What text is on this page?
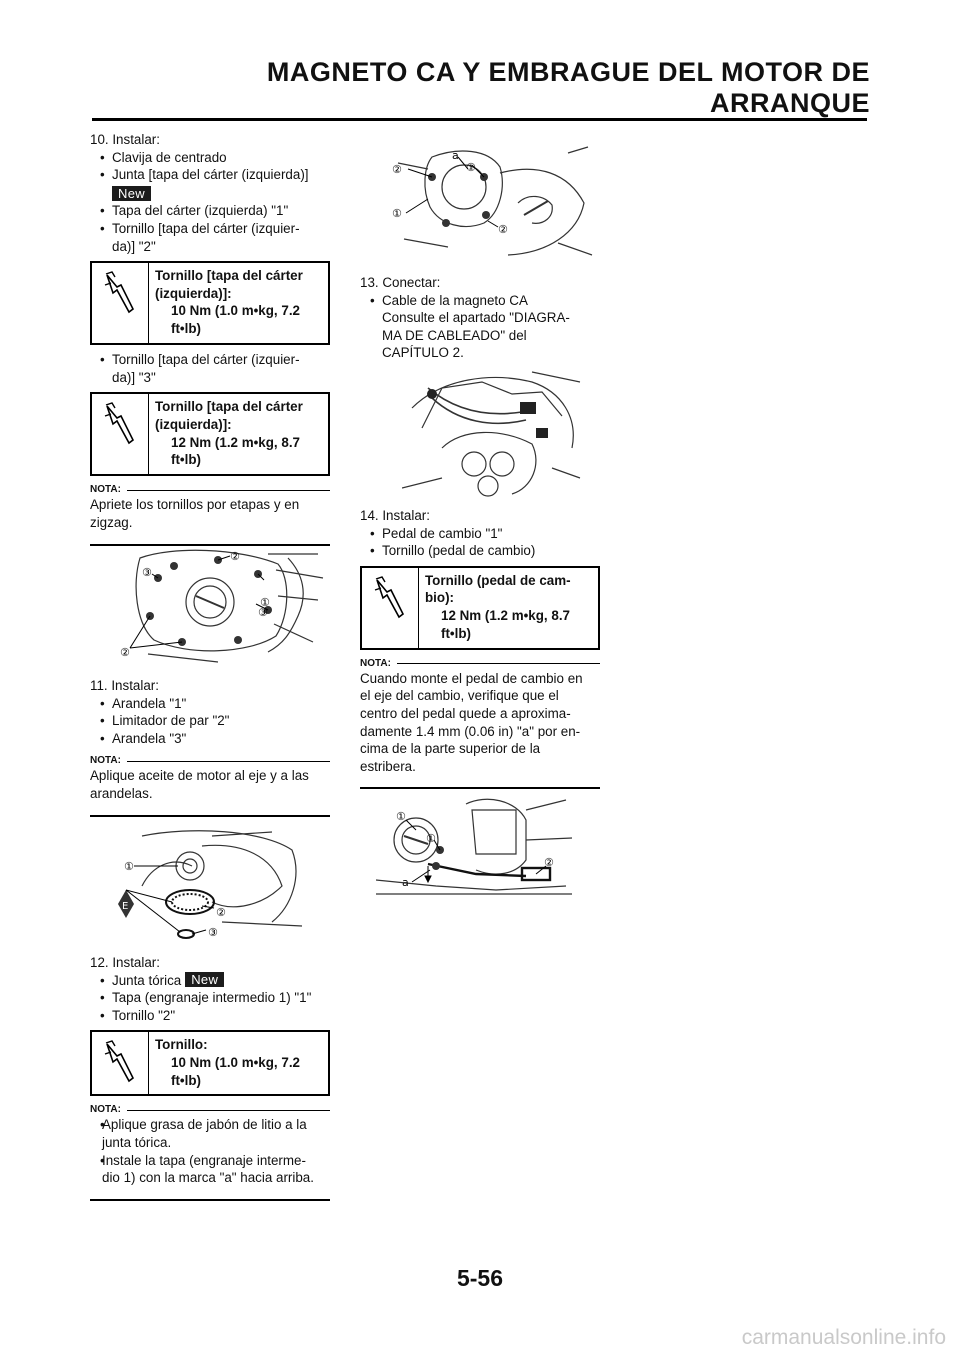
MAGNETO CA Y EMBRAGUE DEL MOTOR DE ARRANQUE

10. Instalar:

• Clavija de centrado

• Junta [tapa del cárter (izquierda)]

New

• Tapa del cárter (izquierda) "1"

• Tornillo [tapa del cárter (izquier-
da)] "2"

Tornillo [tapa del cárter
(izquierda)]:
10 Nm (1.0 m•kg, 7.2
ft•lb)

• Tornillo [tapa del cárter (izquier-
da)] "3"

Tornillo [tapa del cárter
(izquierda)]:
12 Nm (1.2 m•kg, 8.7
ft•lb)
NOTA:

Apriete los tornillos por etapas y en
zigzag.

③
②
①
③
②

11. Instalar:

• Arandela "1"

• Limitador de par "2"

• Arandela "3"

NOTA:

Aplique aceite de motor al eje y a las
arandelas.

E
①
②
③

12. Instalar:

• Junta tórica New

• Tapa (engranaje intermedio 1) "1"

• Tornillo "2"

Tornillo:
10 Nm (1.0 m•kg, 7.2
ft•lb)
NOTA:

• Aplique grasa de jabón de litio a la
junta tórica.

• Instale la tapa (engranaje interme-
dio 1) con la marca "a" hacia arriba.

②
①
a
①
②

13. Conectar:

• Cable de la magneto CA

Consulte el apartado "DIAGRA-
MA DE CABLEADO" del
CAPÍTULO 2.

14. Instalar:

• Pedal de cambio "1"

• Tornillo (pedal de cambio)

Tornillo (pedal de cam-
bio):
12 Nm (1.2 m•kg, 8.7
ft•lb)
NOTA:

Cuando monte el pedal de cambio en
el eje del cambio, verifique que el
centro del pedal quede a aproxima-
damente 1.4 mm (0.06 in) "a" por en-
cima de la parte superior de la
estribera.

①
①
②
a

5-56

carmanualsonline.info
